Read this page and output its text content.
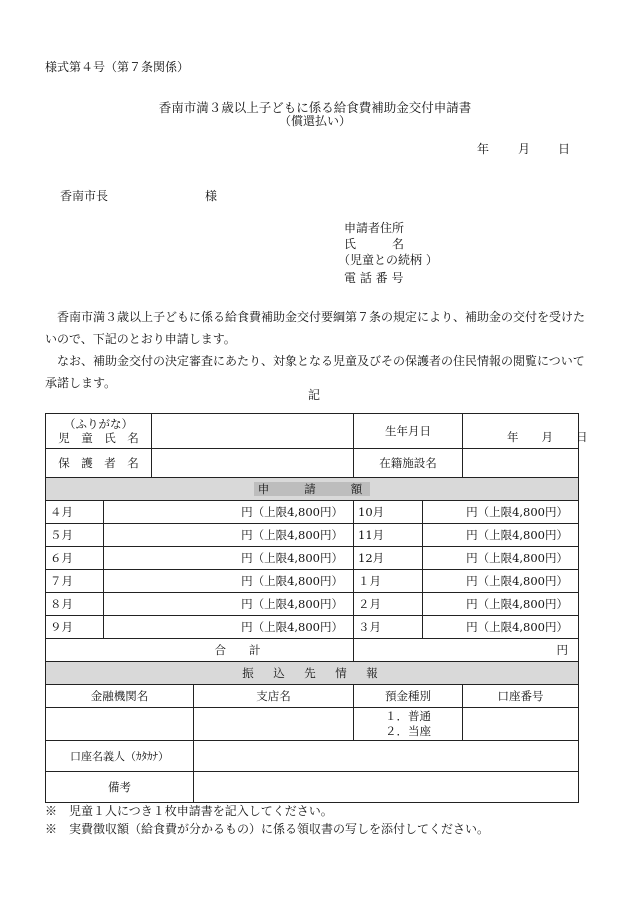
様式第４号（第７条関係）
香南市満３歳以上子どもに係る給食費補助金交付申請書
（償還払い）
年 月 日
香南市長	様
申請者住所
氏　　　名
（児童との続柄 ）
電 話 番 号
香南市満３歳以上子どもに係る給食費補助金交付要綱第７条の規定により、補助金の交付を受けたいので、下記のとおり申請します。
なお、補助金交付の決定審査にあたり、対象となる児童及びその保護者の住民情報の閲覧について承諾します。
記
（ふりがな）
児　童　氏　名				生年月日		年　　月　　日
保　護　者　名				在籍施設名		
申　　請　　額						
４月	円（上限4,800円）			10月	円（上限4,800円）	
５月	円（上限4,800円）			11月	円（上限4,800円）	
６月	円（上限4,800円）			12月	円（上限4,800円）	
７月	円（上限4,800円）			１月	円（上限4,800円）	
８月	円（上限4,800円）			２月	円（上限4,800円）	
９月	円（上限4,800円）			３月	円（上限4,800円）	
合　　計				円		
振　込　先　情　報						
金融機関名			支店名	預金種別		口座番号

				１．普通
２．当座		

口座名義人（ｶﾀｶﾅ）						
備考						
※　児童１人につき１枚申請書を記入してください。
※　実費徴収額（給食費が分かるもの）に係る領収書の写しを添付してください。
